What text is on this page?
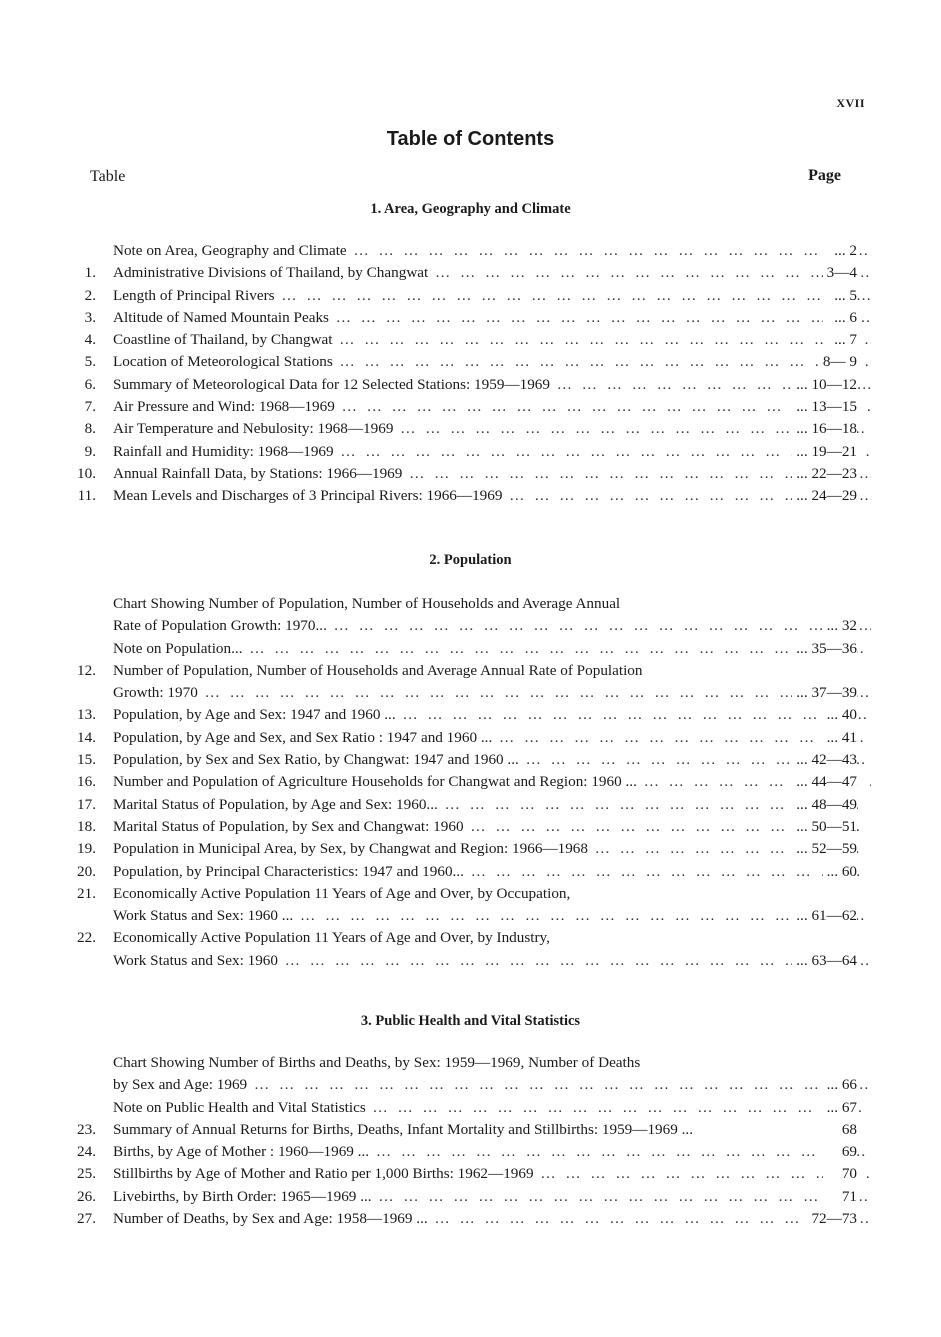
XVII
Table of Contents
Table	Page
1. Area, Geography and Climate
Note on Area, Geography and Climate … … … … … … … … … … … … … … … … … … … … … … … … … … … … … … … … … … … … … … … …	... 2
1. Administrative Divisions of Thailand, by Changwat … … … … … … … … … … … … … … … … … … … … … … … … … … … … … … … … … … … … … … … …	3—4
2. Length of Principal Rivers … … … … … … … … … … … … … … … … … … … … … … … … … … … … … … … … … … … … … … … …	... 5
3. Altitude of Named Mountain Peaks … … … … … … … … … … … … … … … … … … … … … … … … … … … … … … … … … … … … … … … …	... 6
4. Coastline of Thailand, by Changwat … … … … … … … … … … … … … … … … … … … … … … … … … … … … … … … … … … … … … … … …	... 7
5. Location of Meteorological Stations … … … … … … … … … … … … … … … … … … … … … … … … … … … … … … … … … … … … … … … …	8— 9
6. Summary of Meteorological Data for 12 Selected Stations: 1959—1969 … … … … … … … … … … … … … … … … … … … … … … … … … … … … … … … … … … … … … … … …	... 10—12
7. Air Pressure and Wind: 1968—1969 … … … … … … … … … … … … … … … … … … … … … … … … … … … … … … … … … … … … … … … …	... 13—15
8. Air Temperature and Nebulosity: 1968—1969 … … … … … … … … … … … … … … … … … … … … … … … … … … … … … … … … … … … … … … … …	... 16—18
9. Rainfall and Humidity: 1968—1969 … … … … … … … … … … … … … … … … … … … … … … … … … … … … … … … … … … … … … … … …	... 19—21
10. Annual Rainfall Data, by Stations: 1966—1969 … … … … … … … … … … … … … … … … … … … … … … … … … … … … … … … … … … … … … … … …	... 22—23
11. Mean Levels and Discharges of 3 Principal Rivers: 1966—1969 … … … … … … … … … … … … … … … … … … … … … … … … … … … … … … … … … … … … … … … …	... 24—29
2. Population
Chart Showing Number of Population, Number of Households and Average Annual
Rate of Population Growth: 1970... … … … … … … … … … … … … … … … … … … … … … … … … … … … … … … … … … … … … … … … …	... 32
Note on Population... … … … … … … … … … … … … … … … … … … … … … … … … … … … … … … … … … … … … … … … …	... 35—36
12. Number of Population, Number of Households and Average Annual Rate of Population
Growth: 1970 … … … … … … … … … … … … … … … … … … … … … … … … … … … … … … … … … … … … … … … …	... 37—39
13. Population, by Age and Sex: 1947 and 1960 ... … … … … … … … … … … … … … … … … … … … … … … … … … … … … … … … … … … … … … … … …	... 40
14. Population, by Age and Sex, and Sex Ratio : 1947 and 1960 ... … … … … … … … … … … … … … … … … … … … … … … … … … … … … … … … … … … … … … … … …	... 41
15. Population, by Sex and Sex Ratio, by Changwat: 1947 and 1960 ... … … … … … … … … … … … … … … … … … … … … … … … … … … … … … … … … … … … … … … … …	... 42—43
16. Number and Population of Agriculture Households for Changwat and Region: 1960 ... … … … … … … … … … … … … … … … … … … … … … … … … … … … … … … … … … … … … … … … …	... 44—47
17. Marital Status of Population, by Age and Sex: 1960... … … … … … … … … … … … … … … … … … … … … … … … … … … … … … … … … … … … … … … … …	... 48—49
18. Marital Status of Population, by Sex and Changwat: 1960 … … … … … … … … … … … … … … … … … … … … … … … … … … … … … … … … … … … … … … … …	... 50—51
19. Population in Municipal Area, by Sex, by Changwat and Region: 1966—1968 … … … … … … … … … … … … … … … … … … … … … … … … … … … … … … … … … … … … … … … …	... 52—59
20. Population, by Principal Characteristics: 1947 and 1960... … … … … … … … … … … … … … … … … … … … … … … … … … … … … … … … … … … … … … … … …	... 60
21. Economically Active Population 11 Years of Age and Over, by Occupation,
Work Status and Sex: 1960 ... … … … … … … … … … … … … … … … … … … … … … … … … … … … … … … … … … … … … … … … …	... 61—62
22. Economically Active Population 11 Years of Age and Over, by Industry,
Work Status and Sex: 1960 … … … … … … … … … … … … … … … … … … … … … … … … … … … … … … … … … … … … … … … …	... 63—64
3. Public Health and Vital Statistics
Chart Showing Number of Births and Deaths, by Sex: 1959—1969, Number of Deaths
by Sex and Age: 1969 … … … … … … … … … … … … … … … … … … … … … … … … … … … … … … … … … … … … … … … …	... 66
Note on Public Health and Vital Statistics … … … … … … … … … … … … … … … … … … … … … … … … … … … … … … … … … … … … … … … …	... 67
23. Summary of Annual Returns for Births, Deaths, Infant Mortality and Stillbirths: 1959—1969 ...	68
24. Births, by Age of Mother : 1960—1969 ... … … … … … … … … … … … … … … … … … … … … … … … … … … … … … … … … … … … … … … … …	69
25. Stillbirths by Age of Mother and Ratio per 1,000 Births: 1962—1969 … … … … … … … … … … … … … … … … … … … … … … … … … … … … … … … … … … … … … … … …	70
26. Livebirths, by Birth Order: 1965—1969 ... … … … … … … … … … … … … … … … … … … … … … … … … … … … … … … … … … … … … … … … …	71
27. Number of Deaths, by Sex and Age: 1958—1969 ... … … … … … … … … … … … … … … … … … … … … … … … … … … … … … … … … … … … … … … … …	72—73
